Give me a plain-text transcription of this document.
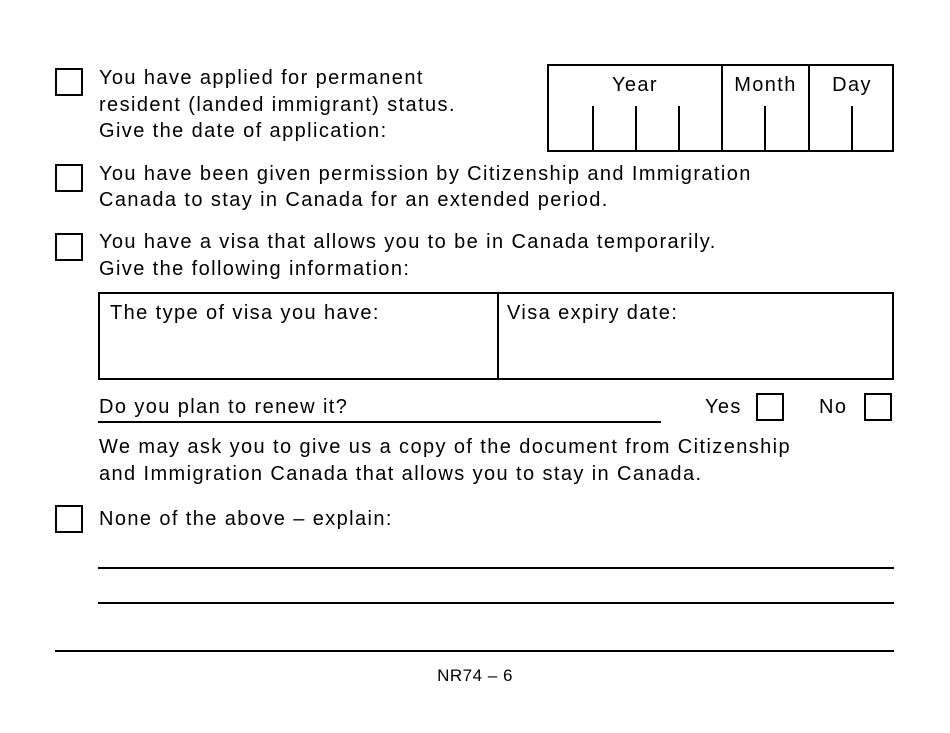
You have applied for permanent
resident (landed immigrant) status.
Give the date of application:
Year	Month	Day
You have been given permission by Citizenship and Immigration
Canada to stay in Canada for an extended period.
You have a visa that allows you to be in Canada temporarily.
Give the following information:
The type of visa you have:	Visa expiry date:
Do you plan to renew it?	Yes	No
We may ask you to give us a copy of the document from Citizenship
and Immigration Canada that allows you to stay in Canada.
None of the above – explain:
NR74 – 6
